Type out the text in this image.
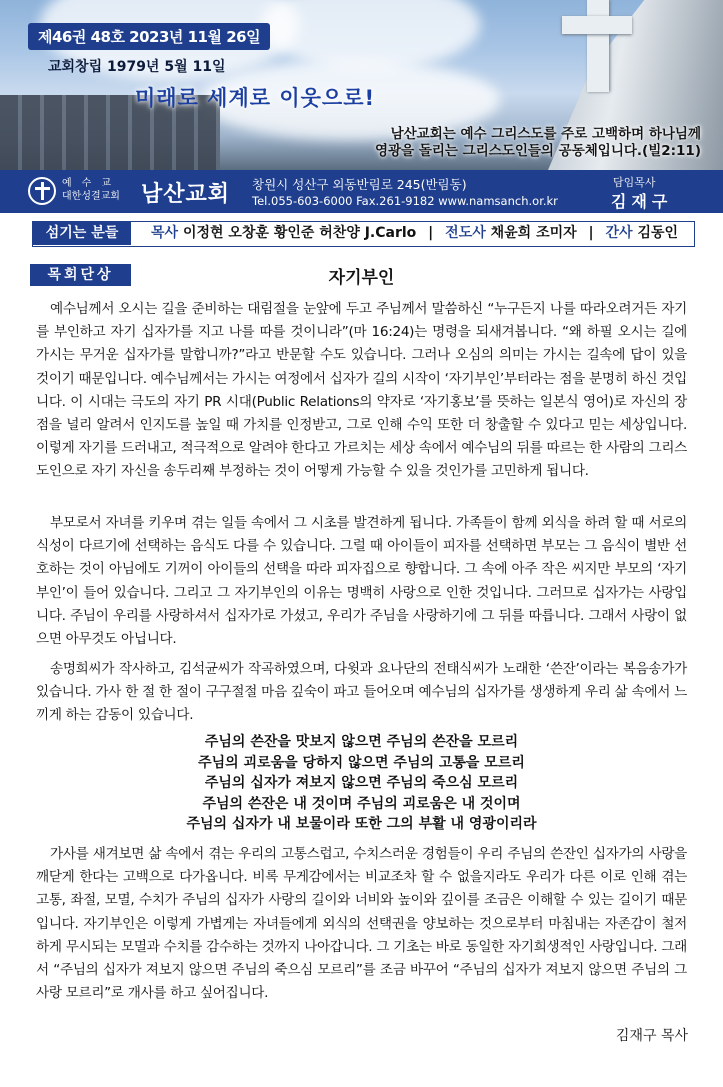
제46권 48호 2023년 11월 26일
교회창립 1979년 5월 11일
미래로 세계로 이웃으로!
남산교회는 예수 그리스도를 주로 고백하며 하나님께
영광을 돌리는 그리스도인들의 공동체입니다.(빌2:11)
예수교
대한성결교회 남산교회 창원시 성산구 외동반림로 245(반림동)
Tel.055-603-6000 Fax.261-9182 www.namsanch.or.kr
담임목사
김재구
섬기는 분들	목사 이정현 오창훈 황인준 허찬양 J.Carlo | 전도사 채윤희 조미자 | 간사 김동인
목회단상	자기부인

예수님께서 오시는 길을 준비하는 대림절을 눈앞에 두고 주님께서 말씀하신 “누구든지 나를 따라오려거든 자기를 부인하고 자기 십자가를 지고 나를 따를 것이니라”(마 16:24)는 명령을 되새겨봅니다. “왜 하필 오시는 길에 가시는 무거운 십자가를 말합니까?”라고 반문할 수도 있습니다. 그러나 오심의 의미는 가시는 길속에 답이 있을 것이기 때문입니다. 예수님께서는 가시는 여정에서 십자가 길의 시작이 ‘자기부인’부터라는 점을 분명히 하신 것입니다. 이 시대는 극도의 자기 PR 시대(Public Relations의 약자로 ‘자기홍보’를 뜻하는 일본식 영어)로 자신의 장점을 널리 알려서 인지도를 높일 때 가치를 인정받고, 그로 인해 수익 또한 더 창출할 수 있다고 믿는 세상입니다. 이렇게 자기를 드러내고, 적극적으로 알려야 한다고 가르치는 세상 속에서 예수님의 뒤를 따르는 한 사람의 그리스도인으로 자기 자신을 송두리째 부정하는 것이 어떻게 가능할 수 있을 것인가를 고민하게 됩니다.

부모로서 자녀를 키우며 겪는 일들 속에서 그 시초를 발견하게 됩니다. 가족들이 함께 외식을 하려 할 때 서로의 식성이 다르기에 선택하는 음식도 다를 수 있습니다. 그럴 때 아이들이 피자를 선택하면 부모는 그 음식이 별반 선호하는 것이 아님에도 기꺼이 아이들의 선택을 따라 피자집으로 향합니다. 그 속에 아주 작은 씨지만 부모의 ‘자기부인’이 들어 있습니다. 그리고 그 자기부인의 이유는 명백히 사랑으로 인한 것입니다. 그러므로 십자가는 사랑입니다. 주님이 우리를 사랑하셔서 십자가로 가셨고, 우리가 주님을 사랑하기에 그 뒤를 따릅니다. 그래서 사랑이 없으면 아무것도 아닙니다.

송명희씨가 작사하고, 김석균씨가 작곡하였으며, 다윗과 요나단의 전태식씨가 노래한 ‘쓴잔’이라는 복음송가가 있습니다. 가사 한 절 한 절이 구구절절 마음 깊숙이 파고 들어오며 예수님의 십자가를 생생하게 우리 삶 속에서 느끼게 하는 감동이 있습니다.

주님의 쓴잔을 맛보지 않으면 주님의 쓴잔을 모르리
주님의 괴로움을 당하지 않으면 주님의 고통을 모르리
주님의 십자가 져보지 않으면 주님의 죽으심 모르리
주님의 쓴잔은 내 것이며 주님의 괴로움은 내 것이며
주님의 십자가 내 보물이라 또한 그의 부활 내 영광이리라

가사를 새겨보면 삶 속에서 겪는 우리의 고통스럽고, 수치스러운 경험들이 우리 주님의 쓴잔인 십자가의 사랑을 깨닫게 한다는 고백으로 다가옵니다. 비록 무게감에서는 비교조차 할 수 없을지라도 우리가 다른 이로 인해 겪는 고통, 좌절, 모멸, 수치가 주님의 십자가 사랑의 길이와 너비와 높이와 깊이를 조금은 이해할 수 있는 길이기 때문입니다. 자기부인은 이렇게 가볍게는 자녀들에게 외식의 선택권을 양보하는 것으로부터 마침내는 자존감이 철저하게 무시되는 모멸과 수치를 감수하는 것까지 나아갑니다. 그 기초는 바로 동일한 자기희생적인 사랑입니다. 그래서 “주님의 십자가 져보지 않으면 주님의 죽으심 모르리”를 조금 바꾸어 “주님의 십자가 져보지 않으면 주님의 그 사랑 모르리”로 개사를 하고 싶어집니다.

김재구 목사
